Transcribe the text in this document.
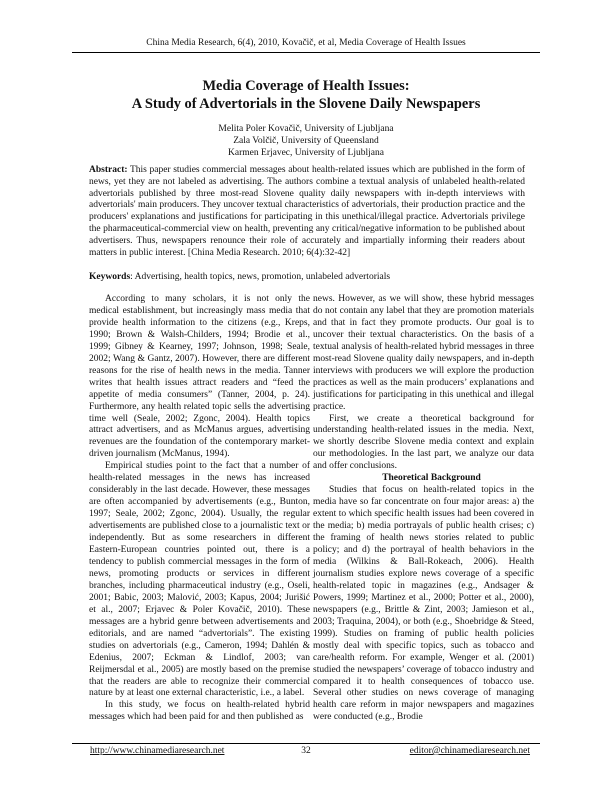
China Media Research, 6(4), 2010, Kovačič, et al, Media Coverage of Health Issues
Media Coverage of Health Issues:
A Study of Advertorials in the Slovene Daily Newspapers
Melita Poler Kovačič, University of Ljubljana
Zala Volčič, University of Queensland
Karmen Erjavec, University of Ljubljana
Abstract: This paper studies commercial messages about health-related issues which are published in the form of news, yet they are not labeled as advertising. The authors combine a textual analysis of unlabeled health-related advertorials published by three most-read Slovene quality daily newspapers with in-depth interviews with advertorials' main producers. They uncover textual characteristics of advertorials, their production practice and the producers' explanations and justifications for participating in this unethical/illegal practice. Advertorials privilege the pharmaceutical-commercial view on health, preventing any critical/negative information to be published about advertisers. Thus, newspapers renounce their role of accurately and impartially informing their readers about matters in public interest. [China Media Research. 2010; 6(4):32-42]
Keywords: Advertising, health topics, news, promotion, unlabeled advertorials

According to many scholars, it is not only the medical establishment, but increasingly mass media that provide health information to the citizens (e.g., Kreps, 1990; Brown & Walsh-Childers, 1994; Brodie et al., 1999; Gibney & Kearney, 1997; Johnson, 1998; Seale, 2002; Wang & Gantz, 2007). However, there are different reasons for the rise of health news in the media. Tanner writes that health issues attract readers and “feed the appetite of media consumers” (Tanner, 2004, p. 24). Furthermore, any health related topic sells the advertising time well (Seale, 2002; Zgonc, 2004). Health topics attract advertisers, and as McManus argues, advertising revenues are the foundation of the contemporary market-driven journalism (McManus, 1994).

Empirical studies point to the fact that a number of health-related messages in the news has increased considerably in the last decade. However, these messages are often accompanied by advertisements (e.g., Bunton, 1997; Seale, 2002; Zgonc, 2004). Usually, the regular advertisements are published close to a journalistic text or independently. But as some researchers in different Eastern-European countries pointed out, there is a tendency to publish commercial messages in the form of news, promoting products or services in different branches, including pharmaceutical industry (e.g., Oseli, 2001; Babic, 2003; Malović, 2003; Kapus, 2004; Jurišić et al., 2007; Erjavec & Poler Kovačič, 2010). These messages are a hybrid genre between advertisements and editorials, and are named “advertorials”. The existing studies on advertorials (e.g., Cameron, 1994; Dahlén & Edenius, 2007; Eckman & Lindlof, 2003; van Reijmersdal et al., 2005) are mostly based on the premise that the readers are able to recognize their commercial nature by at least one external characteristic, i.e., a label.

In this study, we focus on health-related hybrid messages which had been paid for and then published as

news. However, as we will show, these hybrid messages do not contain any label that they are promotion materials and that in fact they promote products. Our goal is to uncover their textual characteristics. On the basis of a textual analysis of health-related hybrid messages in three most-read Slovene quality daily newspapers, and in-depth interviews with producers we will explore the production practices as well as the main producers’ explanations and justifications for participating in this unethical and illegal practice.

First, we create a theoretical background for understanding health-related issues in the media. Next, we shortly describe Slovene media context and explain our methodologies. In the last part, we analyze our data and offer conclusions.

Theoretical Background

Studies that focus on health-related topics in the media have so far concentrate on four major areas: a) the extent to which specific health issues had been covered in the media; b) media portrayals of public health crises; c) the framing of health news stories related to public policy; and d) the portrayal of health behaviors in the media (Wilkins & Ball-Rokeach, 2006). Health journalism studies explore news coverage of a specific health-related topic in magazines (e.g., Andsager & Powers, 1999; Martinez et al., 2000; Potter et al., 2000), newspapers (e.g., Brittle & Zint, 2003; Jamieson et al., 2003; Traquina, 2004), or both (e.g., Shoebridge & Steed, 1999). Studies on framing of public health policies mostly deal with specific topics, such as tobacco and care/health reform. For example, Wenger et al. (2001) studied the newspapers’ coverage of tobacco industry and compared it to health consequences of tobacco use. Several other studies on news coverage of managing health care reform in major newspapers and magazines were conducted (e.g., Brodie

http://www.chinamediaresearch.net	32	editor@chinamediaresearch.net
